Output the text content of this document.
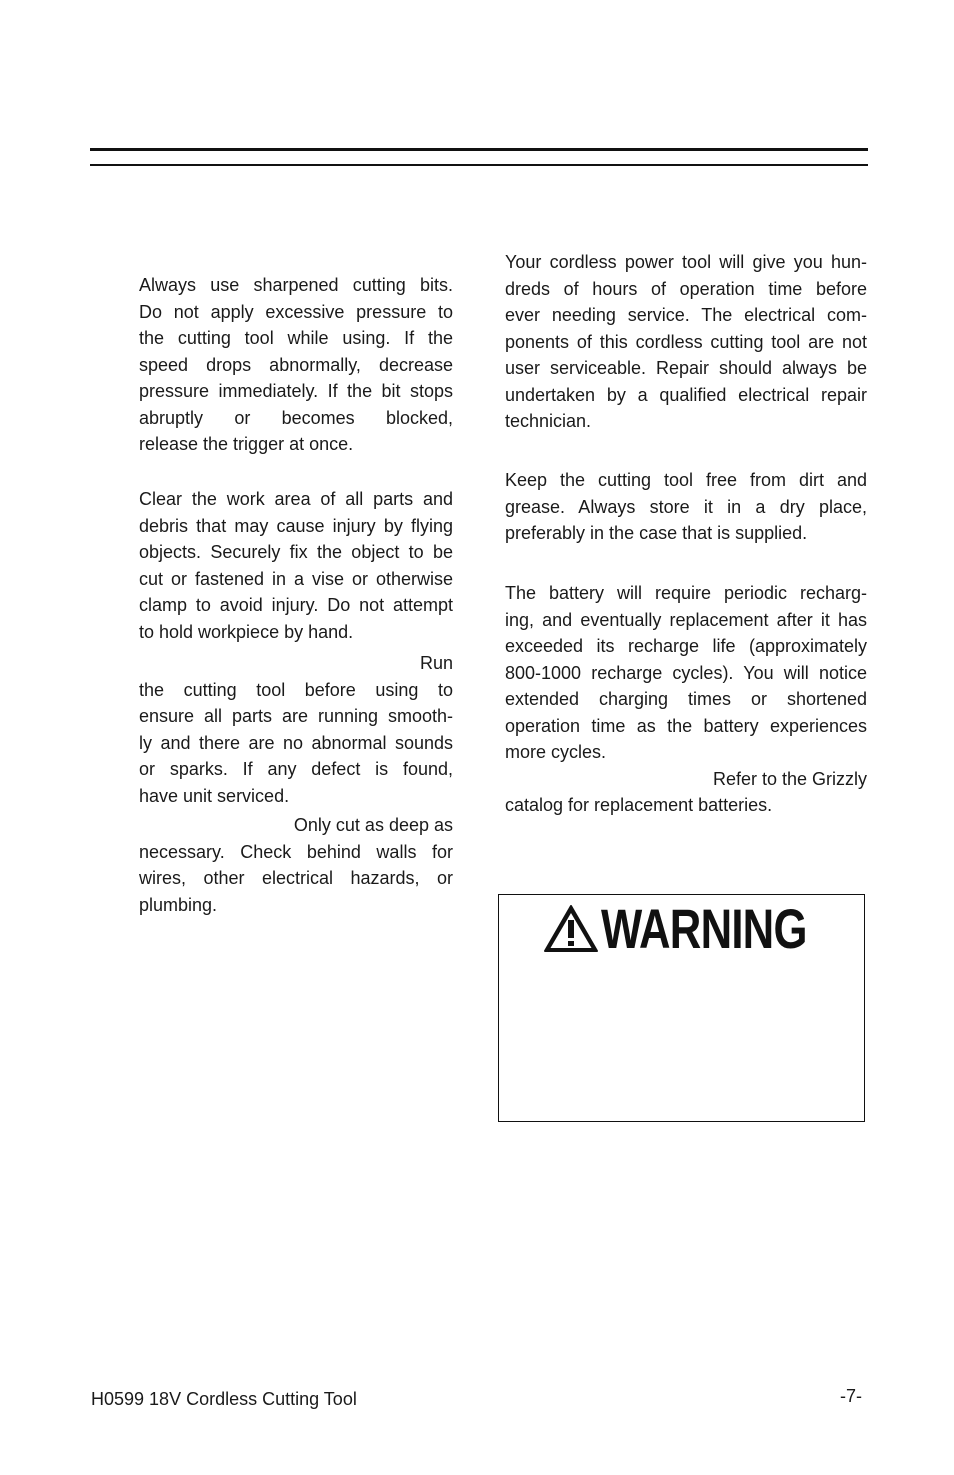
Always use sharpened cutting bits.
Do not apply excessive pressure to
the cutting tool while using. If the
speed drops abnormally, decrease
pressure immediately. If the bit stops
abruptly or becomes blocked,
release the trigger at once.
Clear the work area of all parts and
debris that may cause injury by flying
objects. Securely fix the object to be
cut or fastened in a vise or otherwise
clamp to avoid injury. Do not attempt
to hold workpiece by hand.
Run
the cutting tool before using to
ensure all parts are running smooth-
ly and there are no abnormal sounds
or sparks. If any defect is found,
have unit serviced.
Only cut as deep as
necessary. Check behind walls for
wires, other electrical hazards, or
plumbing.
Your cordless power tool will give you hun-
dreds of hours of operation time before
ever needing service. The electrical com-
ponents of this cordless cutting tool are not
user serviceable. Repair should always be
undertaken by a qualified electrical repair
technician.
Keep the cutting tool free from dirt and
grease. Always store it in a dry place,
preferably in the case that is supplied.
The battery will require periodic recharg-
ing, and eventually replacement after it has
exceeded its recharge life (approximately
800-1000 recharge cycles). You will notice
extended charging times or shortened
operation time as the battery experiences
more cycles.
Refer to the Grizzly
catalog for replacement batteries.
WARNING
H0599 18V Cordless Cutting Tool	-7-
